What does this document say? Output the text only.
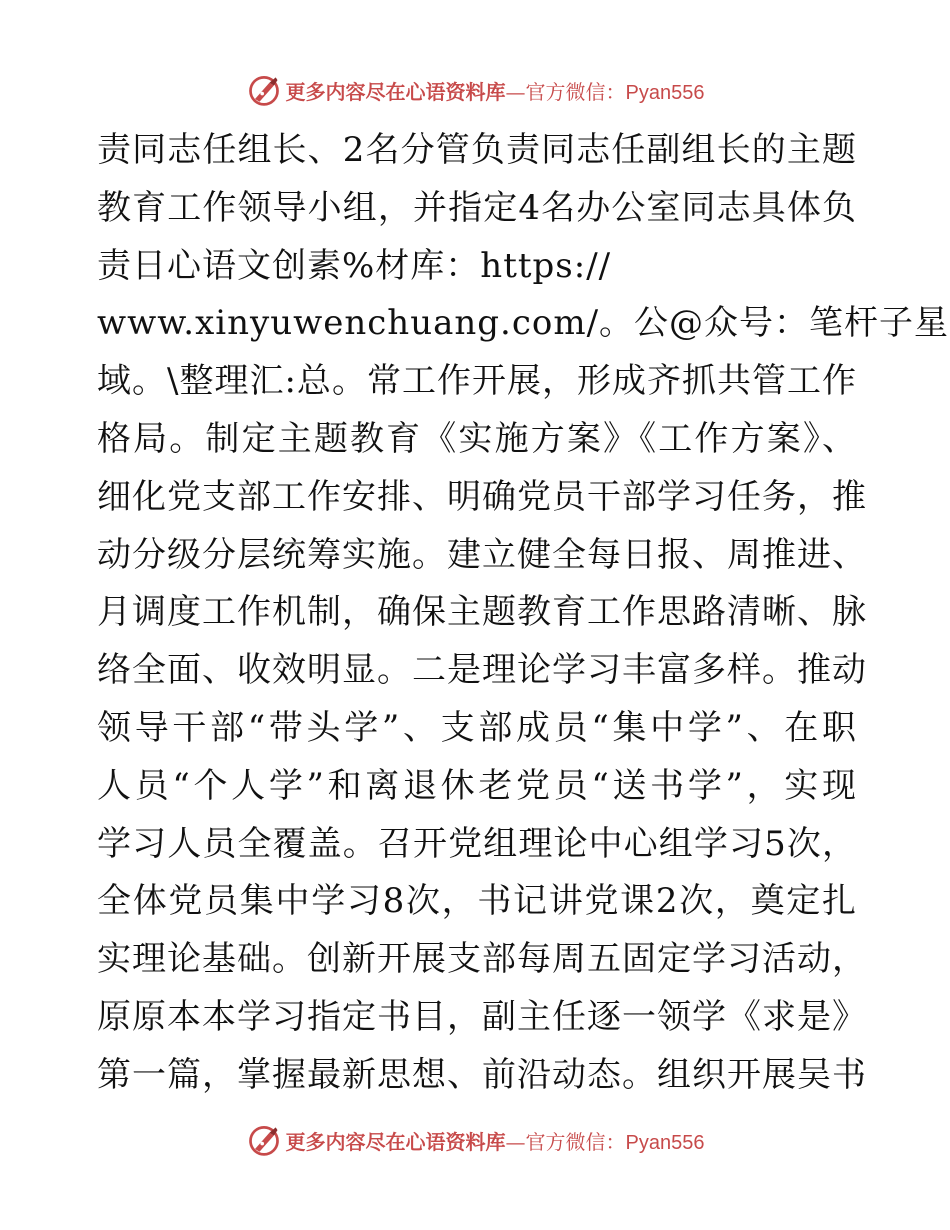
更多内容尽在心语资料库—官方微信：Pyan556
责同志任组长、2名分管负责同志任副组长的主题
教育工作领导小组，并指定4名办公室同志具体负
责日心语文创素%材库：https://
www.xinyuwenchuang.com/。公@众号：笔杆子星
域。\整理汇:总。常工作开展，形成齐抓共管工作
格局。制定主题教育《实施方案》《工作方案》、
细化党支部工作安排、明确党员干部学习任务，推
动分级分层统筹实施。建立健全每日报、周推进、
月调度工作机制，确保主题教育工作思路清晰、脉
络全面、收效明显。二是理论学习丰富多样。推动
领导干部“带头学”、支部成员“集中学”、在职
人员“个人学”和离退休老党员“送书学”，实现
学习人员全覆盖。召开党组理论中心组学习5次，
全体党员集中学习8次，书记讲党课2次，奠定扎
实理论基础。创新开展支部每周五固定学习活动，
原原本本学习指定书目，副主任逐一领学《求是》
第一篇，掌握最新思想、前沿动态。组织开展吴书
更多内容尽在心语资料库—官方微信：Pyan556
